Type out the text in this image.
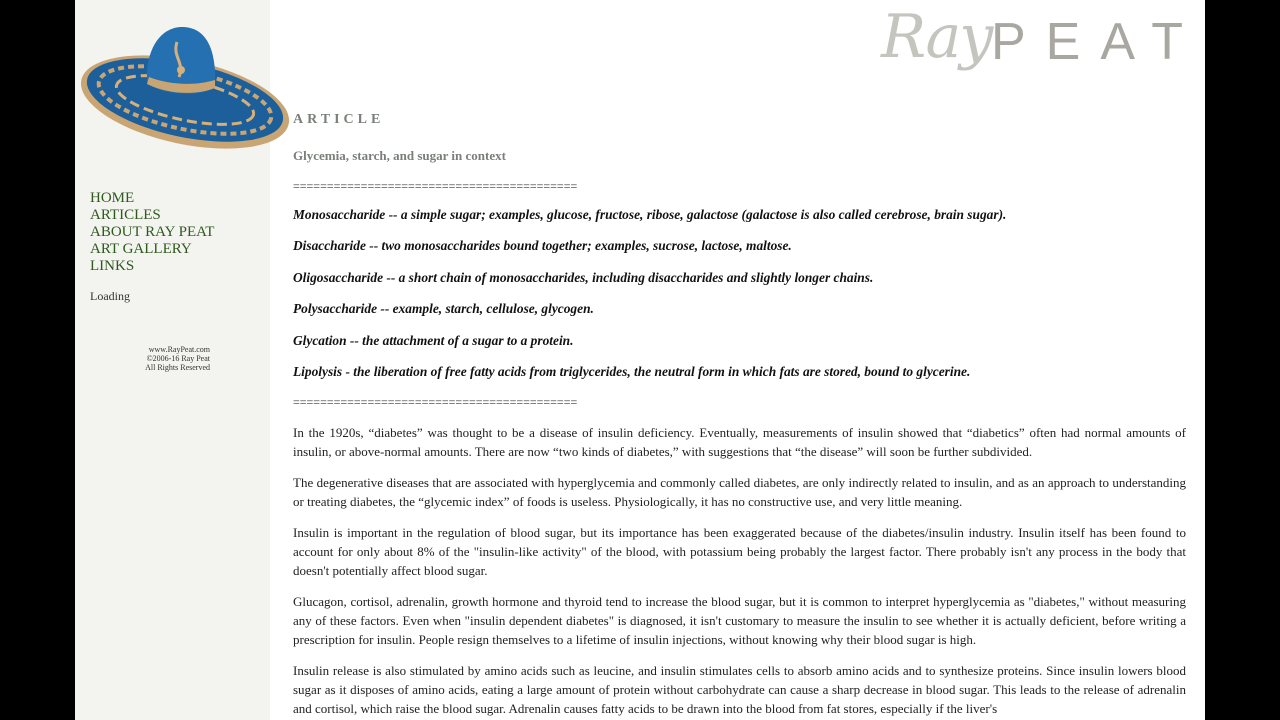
HOME
ARTICLES
ABOUT RAY PEAT
ART GALLERY
LINKS
Loading
www.RayPeat.com
©2006-16 Ray Peat
All Rights Reserved
Ray PEAT
ARTICLE
Glycemia, starch, and sugar in context
==========================================
Monosaccharide -- a simple sugar; examples, glucose, fructose, ribose, galactose (galactose is also called cerebrose, brain sugar).
Disaccharide -- two monosaccharides bound together; examples, sucrose, lactose, maltose.
Oligosaccharide -- a short chain of monosaccharides, including disaccharides and slightly longer chains.
Polysaccharide -- example, starch, cellulose, glycogen.
Glycation -- the attachment of a sugar to a protein.
Lipolysis - the liberation of free fatty acids from triglycerides, the neutral form in which fats are stored, bound to glycerine.
==========================================

In the 1920s, “diabetes” was thought to be a disease of insulin deficiency. Eventually, measurements of insulin showed that “diabetics” often had normal amounts of insulin, or above-normal amounts. There are now “two kinds of diabetes,” with suggestions that “the disease” will soon be further subdivided.

The degenerative diseases that are associated with hyperglycemia and commonly called diabetes, are only indirectly related to insulin, and as an approach to understanding or treating diabetes, the “glycemic index” of foods is useless. Physiologically, it has no constructive use, and very little meaning.

Insulin is important in the regulation of blood sugar, but its importance has been exaggerated because of the diabetes/insulin industry. Insulin itself has been found to account for only about 8% of the "insulin-like activity" of the blood, with potassium being probably the largest factor. There probably isn't any process in the body that doesn't potentially affect blood sugar.

Glucagon, cortisol, adrenalin, growth hormone and thyroid tend to increase the blood sugar, but it is common to interpret hyperglycemia as "diabetes," without measuring any of these factors. Even when "insulin dependent diabetes" is diagnosed, it isn't customary to measure the insulin to see whether it is actually deficient, before writing a prescription for insulin. People resign themselves to a lifetime of insulin injections, without knowing why their blood sugar is high.

Insulin release is also stimulated by amino acids such as leucine, and insulin stimulates cells to absorb amino acids and to synthesize proteins. Since insulin lowers blood sugar as it disposes of amino acids, eating a large amount of protein without carbohydrate can cause a sharp decrease in blood sugar. This leads to the release of adrenalin and cortisol, which raise the blood sugar. Adrenalin causes fatty acids to be drawn into the blood from fat stores, especially if the liver's
